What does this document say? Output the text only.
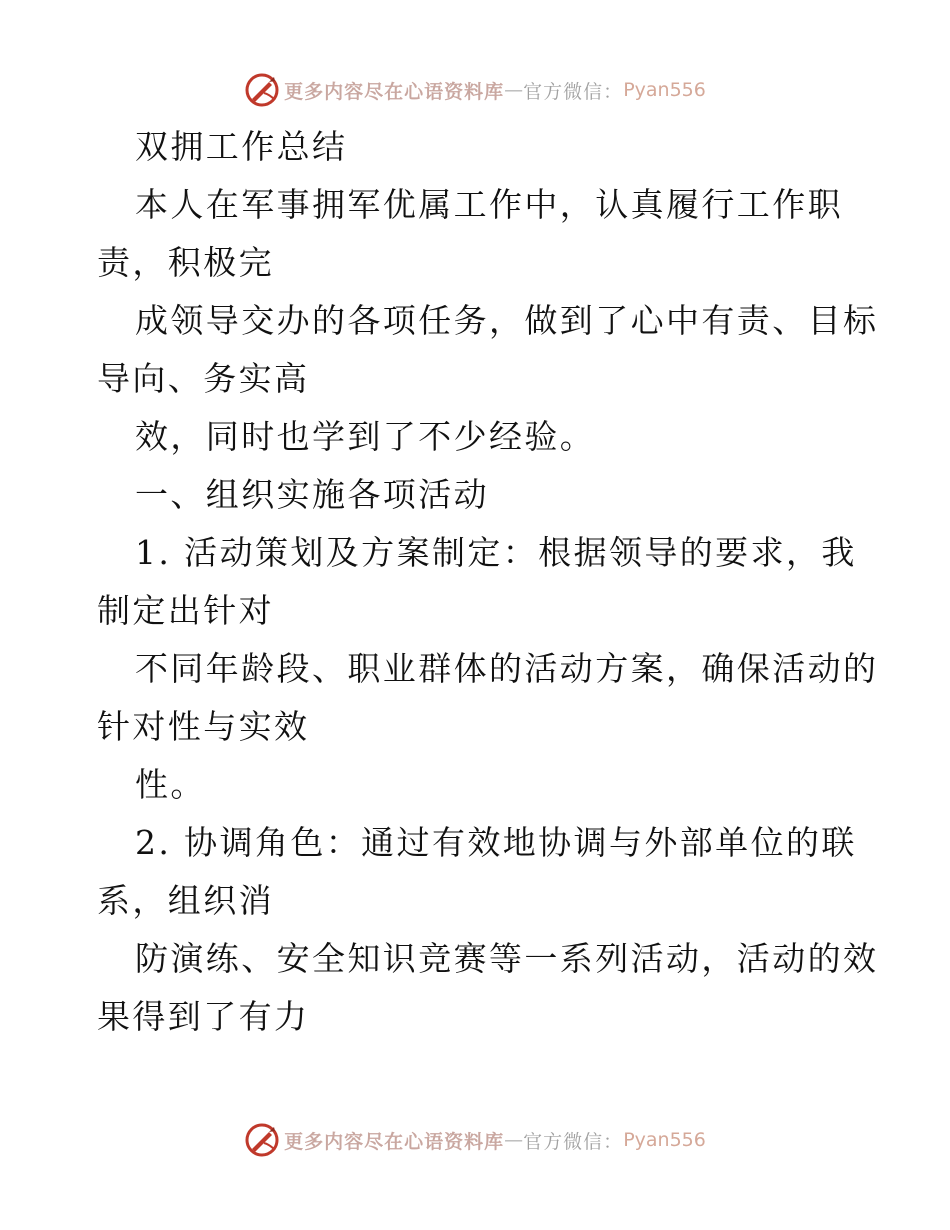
更多内容尽在心语资料库 — 官方微信： Pyan556
双拥工作总结
本人在军事拥军优属工作中，认真履行工作职
责，积极完
成领导交办的各项任务，做到了心中有责、目标
导向、务实高
效，同时也学到了不少经验。
一、组织实施各项活动
1. 活动策划及方案制定：根据领导的要求，我
制定出针对
不同年龄段、职业群体的活动方案，确保活动的
针对性与实效
性。
2. 协调角色：通过有效地协调与外部单位的联
系，组织消
防演练、安全知识竞赛等一系列活动，活动的效
果得到了有力
更多内容尽在心语资料库 — 官方微信： Pyan556
